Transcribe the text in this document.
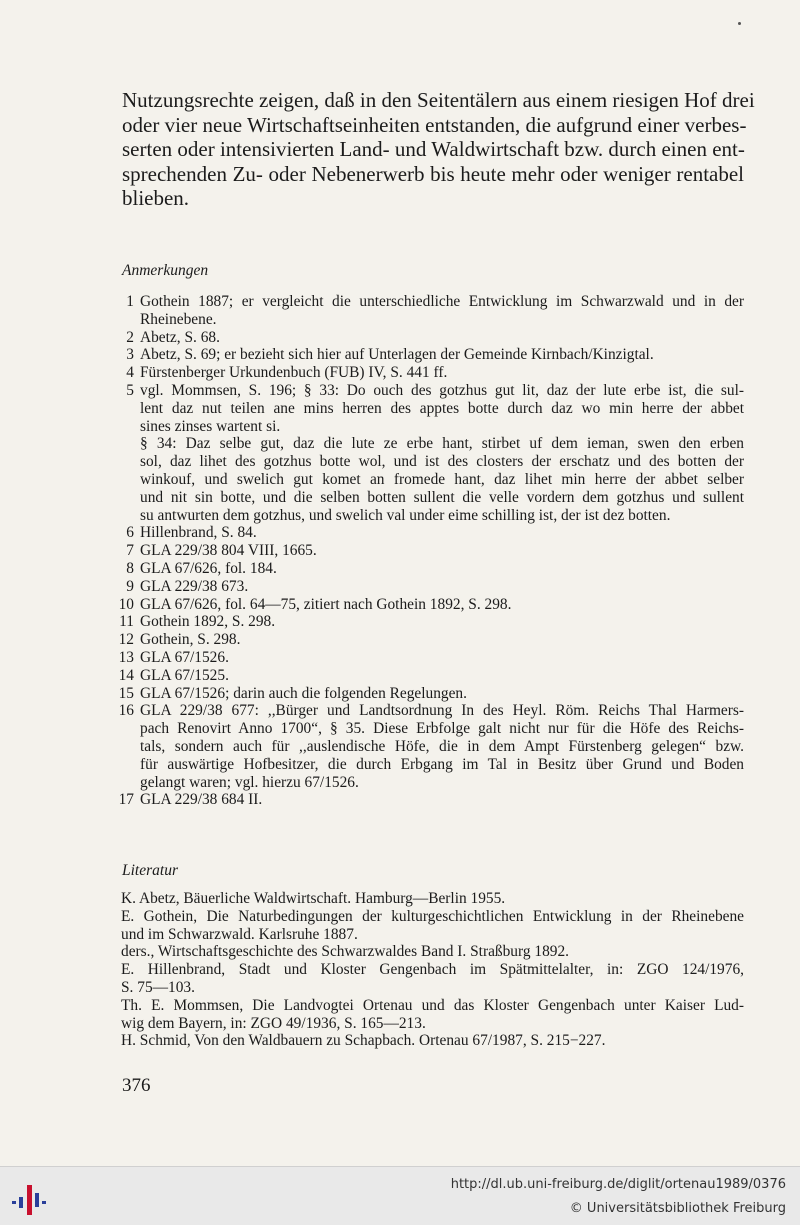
Nutzungsrechte zeigen, daß in den Seitentälern aus einem riesigen Hof drei
oder vier neue Wirtschaftseinheiten entstanden, die aufgrund einer verbes-
serten oder intensivierten Land- und Waldwirtschaft bzw. durch einen ent-
sprechenden Zu- oder Nebenerwerb bis heute mehr oder weniger rentabel
blieben.
Anmerkungen
1 Gothein 1887; er vergleicht die unterschiedliche Entwicklung im Schwarzwald und in der
Rheinebene.
2 Abetz, S. 68.
3 Abetz, S. 69; er bezieht sich hier auf Unterlagen der Gemeinde Kirnbach/Kinzigtal.
4 Fürstenberger Urkundenbuch (FUB) IV, S. 441 ff.
5 vgl. Mommsen, S. 196; § 33: Do ouch des gotzhus gut lit, daz der lute erbe ist, die sul-
lent daz nut teilen ane mins herren des apptes botte durch daz wo min herre der abbet
sines zinses wartent si.
§ 34: Daz selbe gut, daz die lute ze erbe hant, stirbet uf dem ieman, swen den erben
sol, daz lihet des gotzhus botte wol, und ist des closters der erschatz und des botten der
winkouf, und swelich gut komet an fromede hant, daz lihet min herre der abbet selber
und nit sin botte, und die selben botten sullent die velle vordern dem gotzhus und sullent
su antwurten dem gotzhus, und swelich val under eime schilling ist, der ist dez botten.
6 Hillenbrand, S. 84.
7 GLA 229/38 804 VIII, 1665.
8 GLA 67/626, fol. 184.
9 GLA 229/38 673.
10 GLA 67/626, fol. 64—75, zitiert nach Gothein 1892, S. 298.
11 Gothein 1892, S. 298.
12 Gothein, S. 298.
13 GLA 67/1526.
14 GLA 67/1525.
15 GLA 67/1526; darin auch die folgenden Regelungen.
16 GLA 229/38 677: ,,Bürger und Landtsordnung In des Heyl. Röm. Reichs Thal Harmers-
pach Renovirt Anno 1700“, § 35. Diese Erbfolge galt nicht nur für die Höfe des Reichs-
tals, sondern auch für ,,auslendische Höfe, die in dem Ampt Fürstenberg gelegen“ bzw.
für auswärtige Hofbesitzer, die durch Erbgang im Tal in Besitz über Grund und Boden
gelangt waren; vgl. hierzu 67/1526.
17 GLA 229/38 684 II.
Literatur
K. Abetz, Bäuerliche Waldwirtschaft. Hamburg—Berlin 1955.
E. Gothein, Die Naturbedingungen der kulturgeschichtlichen Entwicklung in der Rheinebene
und im Schwarzwald. Karlsruhe 1887.
ders., Wirtschaftsgeschichte des Schwarzwaldes Band I. Straßburg 1892.
E. Hillenbrand, Stadt und Kloster Gengenbach im Spätmittelalter, in: ZGO 124/1976,
S. 75—103.
Th. E. Mommsen, Die Landvogtei Ortenau und das Kloster Gengenbach unter Kaiser Lud-
wig dem Bayern, in: ZGO 49/1936, S. 165—213.
H. Schmid, Von den Waldbauern zu Schapbach. Ortenau 67/1987, S. 215−227.
376
http://dl.ub.uni-freiburg.de/diglit/ortenau1989/0376
© Universitätsbibliothek Freiburg
